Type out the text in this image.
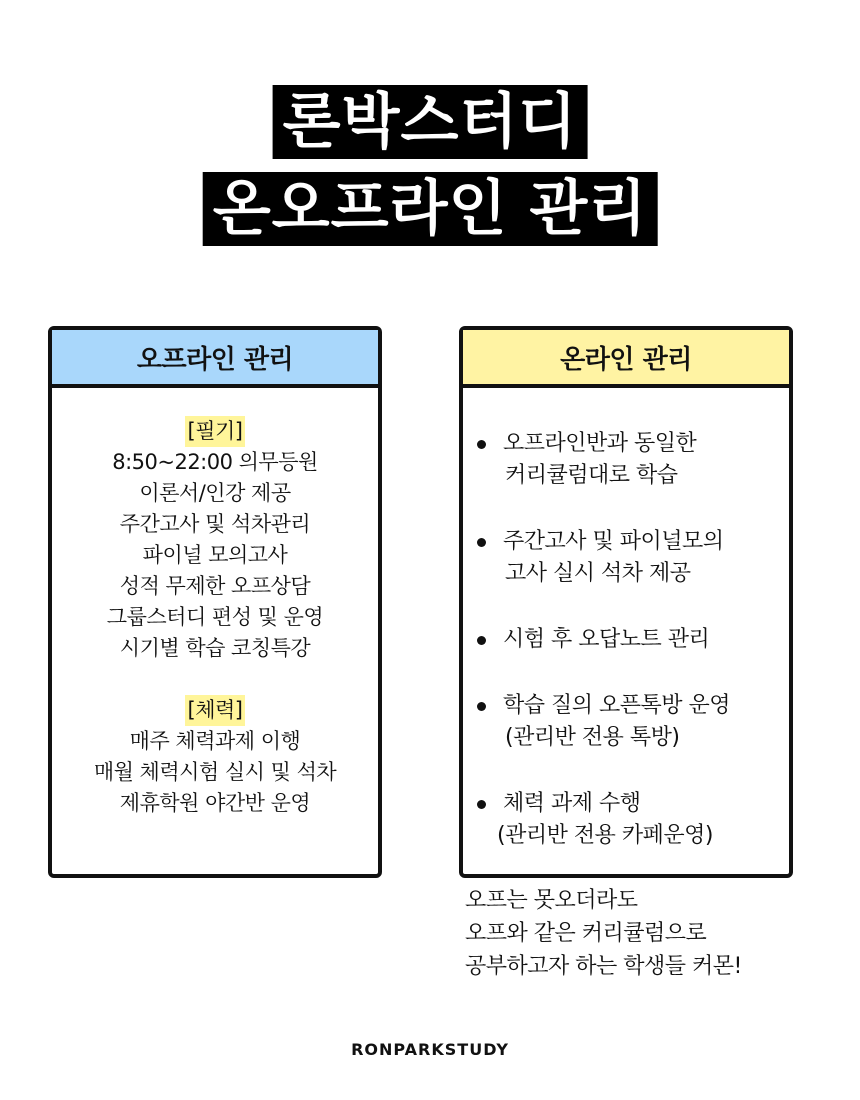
론박스터디
온오프라인 관리
오프라인 관리
[필기]
8:50~22:00 의무등원
이론서/인강 제공
주간고사 및 석차관리
파이널 모의고사
성적 무제한 오프상담
그룹스터디 편성 및 운영
시기별 학습 코칭특강
[체력]
매주 체력과제 이행
매월 체력시험 실시 및 석차
제휴학원 야간반 운영
온라인 관리
오프라인반과 동일한
커리큘럼대로 학습
주간고사 및 파이널모의
고사 실시 석차 제공
시험 후 오답노트 관리
학습 질의 오픈톡방 운영
(관리반 전용 톡방)
체력 과제 수행
(관리반 전용 카페운영)
오프는 못오더라도
오프와 같은 커리큘럼으로
공부하고자 하는 학생들 커몬!
RONPARKSTUDY
